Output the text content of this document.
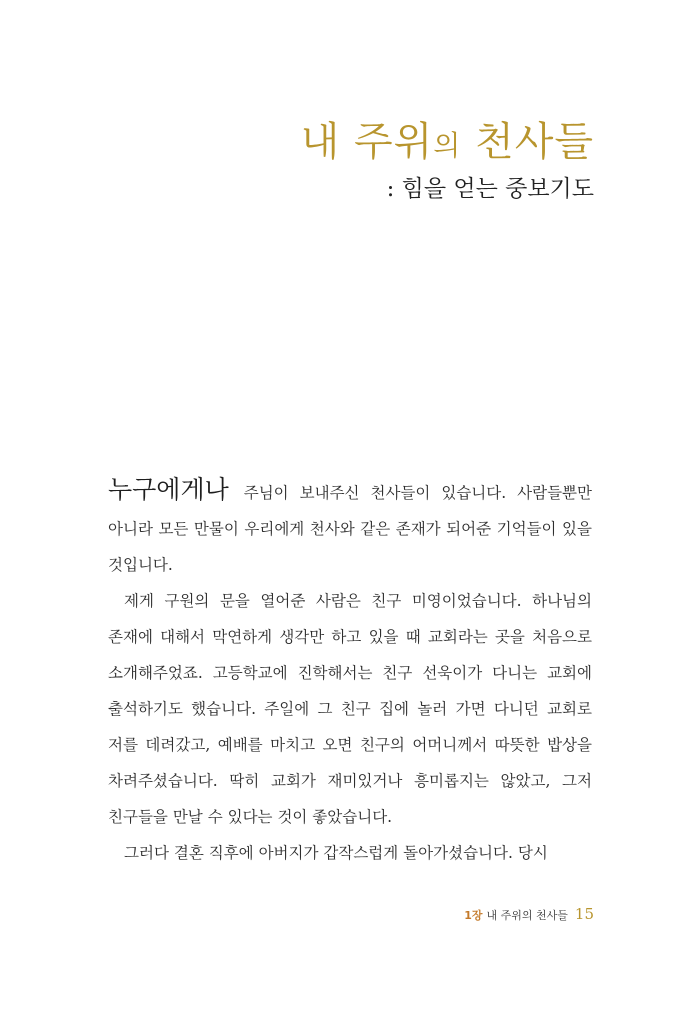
내 주위의 천사들
: 힘을 얻는 중보기도

누구에게나 주님이 보내주신 천사들이 있습니다. 사람들뿐만 아니라 모든 만물이 우리에게 천사와 같은 존재가 되어준 기억들이 있을 것입니다.

제게 구원의 문을 열어준 사람은 친구 미영이었습니다. 하나님의 존재에 대해서 막연하게 생각만 하고 있을 때 교회라는 곳을 처음으로 소개해주었죠. 고등학교에 진학해서는 친구 선욱이가 다니는 교회에 출석하기도 했습니다. 주일에 그 친구 집에 놀러 가면 다니던 교회로 저를 데려갔고, 예배를 마치고 오면 친구의 어머니께서 따뜻한 밥상을 차려주셨습니다. 딱히 교회가 재미있거나 흥미롭지는 않았고, 그저 친구들을 만날 수 있다는 것이 좋았습니다.

그러다 결혼 직후에 아버지가 갑작스럽게 돌아가셨습니다. 당시

1장 내 주위의 천사들 15
